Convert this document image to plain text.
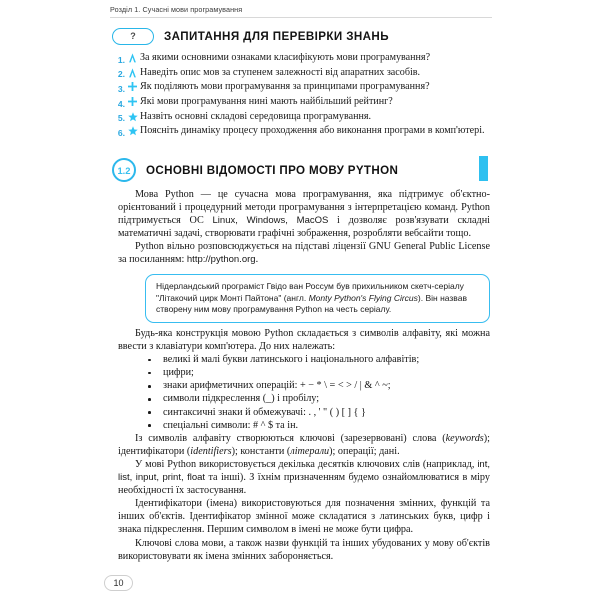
Розділ 1. Сучасні мови програмування
?	ЗАПИТАННЯ ДЛЯ ПЕРЕВІРКИ ЗНАНЬ
1. За якими основними ознаками класифікують мови програмування?
2. Наведіть опис мов за ступенем залежності від апаратних засобів.
3. Як поділяють мови програмування за принципами програмування?
4. Які мови програмування нині мають найбільший рейтинг?
5. Назвіть основні складові середовища програмування.
6. Поясніть динаміку процесу проходження або виконання програми в комп'ютері.
1.2	ОСНОВНІ ВІДОМОСТІ ПРО МОВУ PYTHON

Мова Python — це сучасна мова програмування, яка підтримує об'єктно-орієнтований і процедурний методи програмування з інтерпретацією команд. Python підтримується ОС Linux, Windows, MacOS і дозволяє розв'язувати складні математичні задачі, створювати графічні зображення, розробляти вебсайти тощо.

Python вільно розповсюджується на підставі ліцензії GNU General Public License за посиланням: http://python.org.

Нідерландський програміст Гвідо ван Россум був прихильником скетч-серіалу "Літакочий цирк Монті Пайтона" (англ. Monty Python's Flying Circus). Він назвав створену ним мову програмування Python на честь серіалу.

Будь-яка конструкція мовою Python складається з символів алфавіту, які можна ввести з клавіатури комп'ютера. До них належать:

великі й малі букви латинського і національного алфавітів;
цифри;
знаки арифметичних операцій: + − * \ = < > / | & ^ ~;
символи підкреслення (_) і пробілу;
синтаксичні знаки й обмежувачі: . , ' " ( ) [ ] { }
спеціальні символи: # ^ $ та ін.

Із символів алфавіту створюються ключові (зарезервовані) слова (keywords); ідентифікатори (identifiers); константи (літерали); операції; дані.

У мові Python використовується декілька десятків ключових слів (наприклад, int, list, input, print, float та інші). З їхнім призначенням будемо ознайомлюватися в міру необхідності їх застосування.

Ідентифікатори (імена) використовуються для позначення змінних, функцій та інших об'єктів. Ідентифікатор змінної може складатися з латинських букв, цифр і знака підкреслення. Першим символом в імені не може бути цифра.

Ключові слова мови, а також назви функцій та інших убудованих у мову об'єктів використовувати як імена змінних забороняється.

10
